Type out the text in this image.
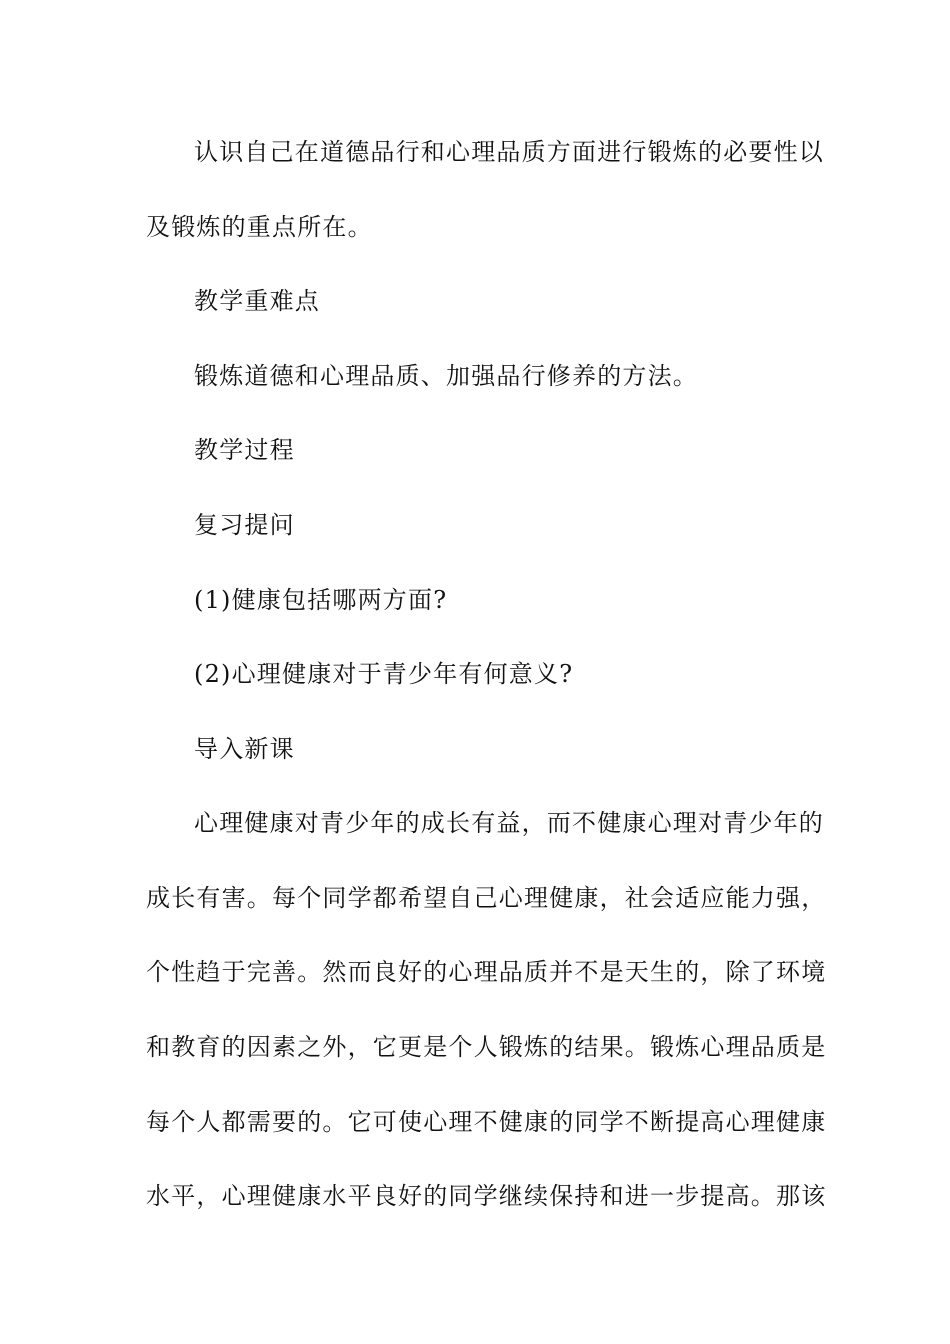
认识自己在道德品行和心理品质方面进行锻炼的必要性以
及锻炼的重点所在。
教学重难点
锻炼道德和心理品质、加强品行修养的方法。
教学过程
复习提问
(1)健康包括哪两方面?
(2)心理健康对于青少年有何意义?
导入新课
心理健康对青少年的成长有益，而不健康心理对青少年的
成长有害。每个同学都希望自己心理健康，社会适应能力强，
个性趋于完善。然而良好的心理品质并不是天生的，除了环境
和教育的因素之外，它更是个人锻炼的结果。锻炼心理品质是
每个人都需要的。它可使心理不健康的同学不断提高心理健康
水平，心理健康水平良好的同学继续保持和进一步提高。那该
